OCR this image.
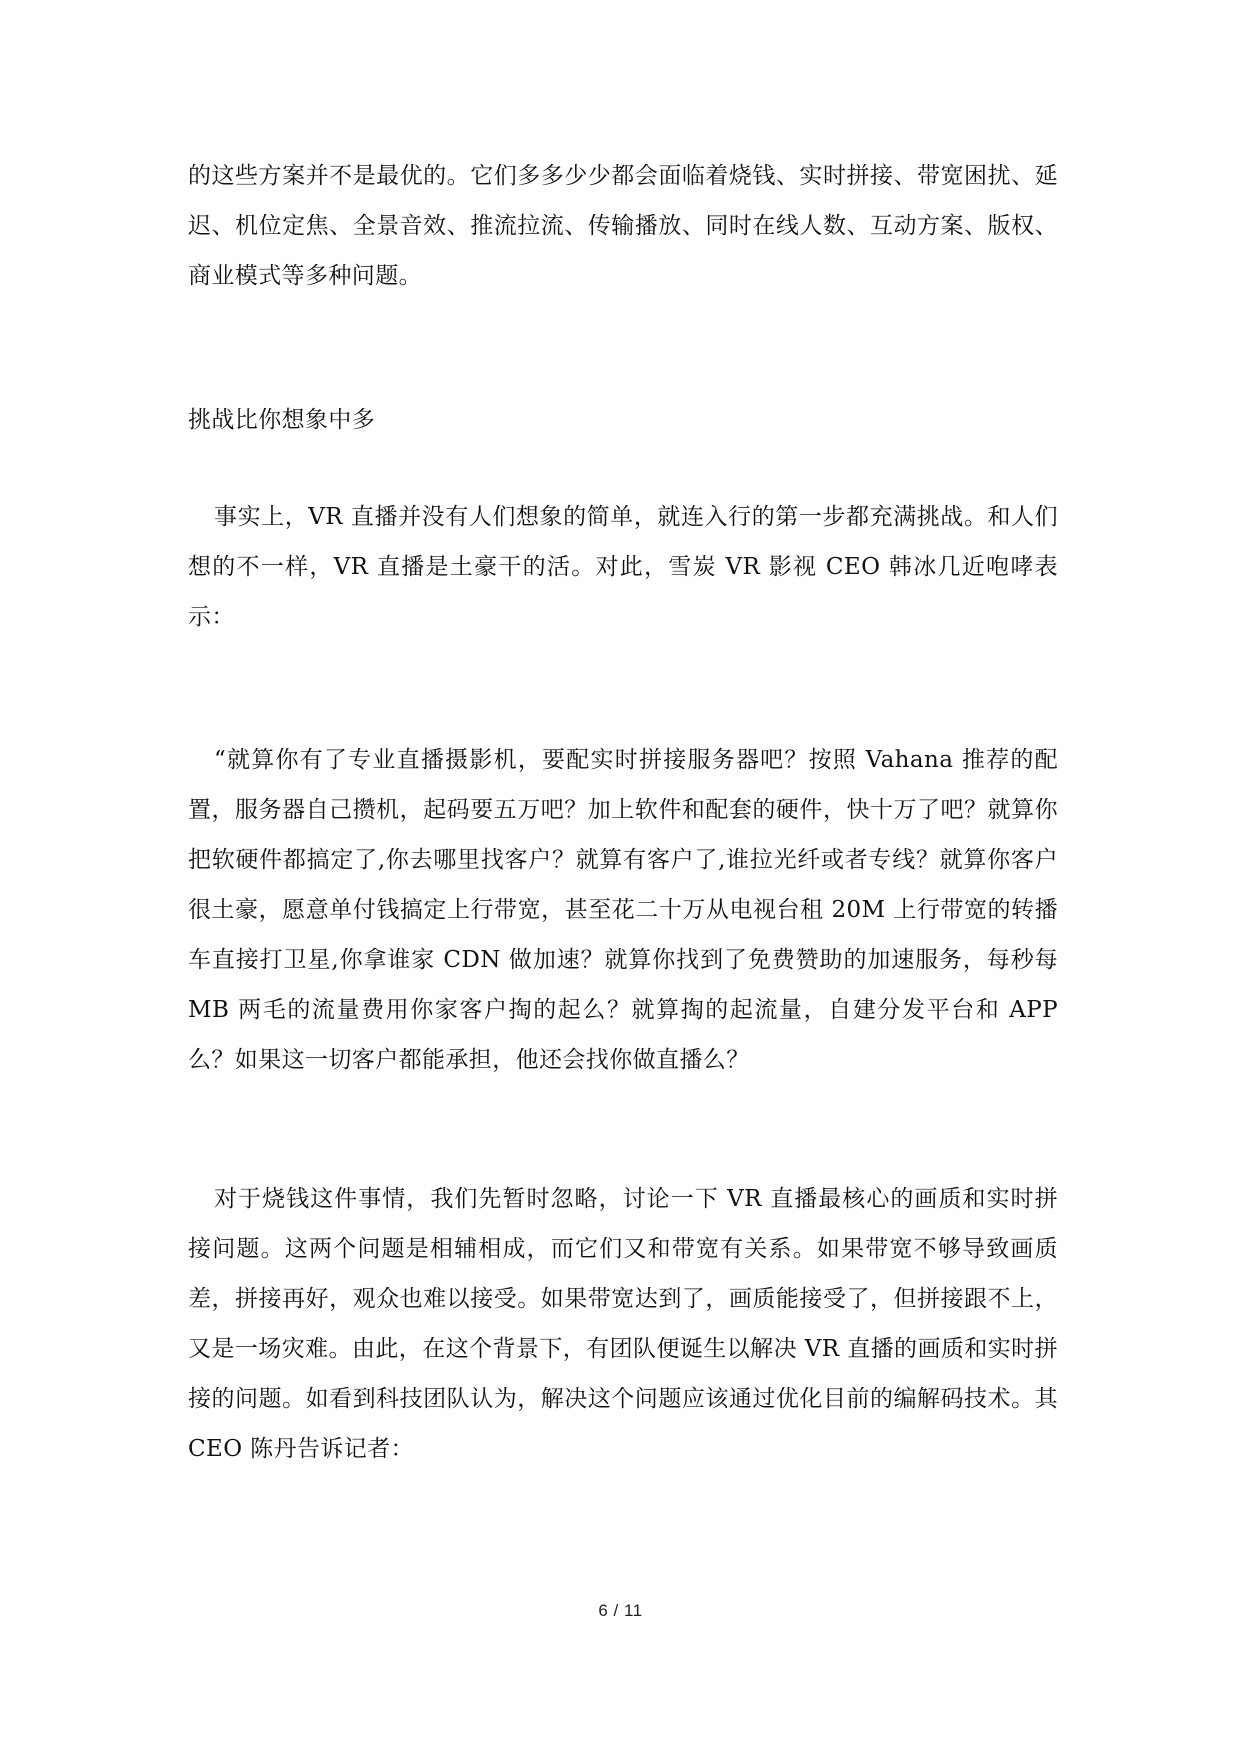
的这些方案并不是最优的。它们多多少少都会面临着烧钱、实时拼接、带宽困扰、延迟、机位定焦、全景音效、推流拉流、传输播放、同时在线人数、互动方案、版权、商业模式等多种问题。

挑战比你想象中多

事实上，VR 直播并没有人们想象的简单，就连入行的第一步都充满挑战。和人们想的不一样，VR 直播是土豪干的活。对此，雪炭 VR 影视 CEO 韩冰几近咆哮表示：

“就算你有了专业直播摄影机，要配实时拼接服务器吧？按照 Vahana 推荐的配置，服务器自己攒机，起码要五万吧？加上软件和配套的硬件，快十万了吧？就算你把软硬件都搞定了,你去哪里找客户？就算有客户了,谁拉光纤或者专线？就算你客户很土豪，愿意单付钱搞定上行带宽，甚至花二十万从电视台租 20M 上行带宽的转播车直接打卫星,你拿谁家 CDN 做加速？就算你找到了免费赞助的加速服务，每秒每 MB 两毛的流量费用你家客户掏的起么？就算掏的起流量，自建分发平台和 APP 么？如果这一切客户都能承担，他还会找你做直播么？

对于烧钱这件事情，我们先暂时忽略，讨论一下 VR 直播最核心的画质和实时拼接问题。这两个问题是相辅相成，而它们又和带宽有关系。如果带宽不够导致画质差，拼接再好，观众也难以接受。如果带宽达到了，画质能接受了，但拼接跟不上，又是一场灾难。由此，在这个背景下，有团队便诞生以解决 VR 直播的画质和实时拼接的问题。如看到科技团队认为，解决这个问题应该通过优化目前的编解码技术。其 CEO 陈丹告诉记者：

6 / 11
